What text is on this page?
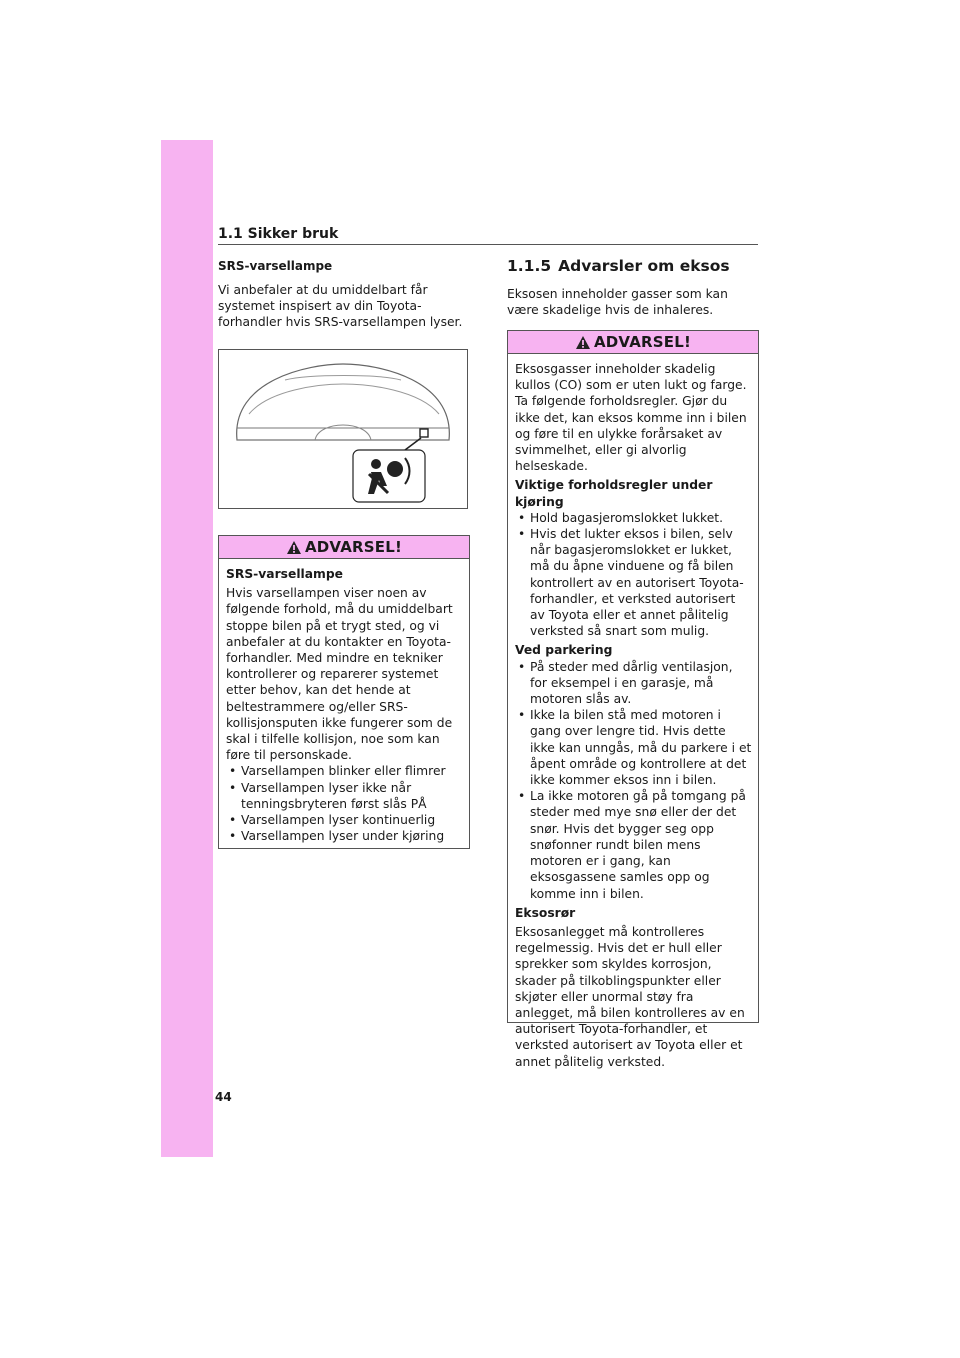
1.1 Sikker bruk

SRS-varsellampe

Vi anbefaler at du umiddelbart får systemet inspisert av din Toyota-forhandler hvis SRS-varsellampen lyser.

ADVARSEL!

SRS-varsellampe

Hvis varsellampen viser noen av følgende forhold, må du umiddelbart stoppe bilen på et trygt sted, og vi anbefaler at du kontakter en Toyota-forhandler. Med mindre en tekniker kontrollerer og reparerer systemet etter behov, kan det hende at beltestrammere og/eller SRS-kollisjonsputen ikke fungerer som de skal i tilfelle kollisjon, noe som kan føre til personskade.

• Varsellampen blinker eller flimrer
• Varsellampen lyser ikke når tenningsbryteren først slås PÅ
• Varsellampen lyser kontinuerlig
• Varsellampen lyser under kjøring

1.1.5 Advarsler om eksos

Eksosen inneholder gasser som kan være skadelige hvis de inhaleres.

ADVARSEL!

Eksosgasser inneholder skadelig kullos (CO) som er uten lukt og farge. Ta følgende forholdsregler. Gjør du ikke det, kan eksos komme inn i bilen og føre til en ulykke forårsaket av svimmelhet, eller gi alvorlig helseskade.

Viktige forholdsregler under kjøring

• Hold bagasjeromslokket lukket.
• Hvis det lukter eksos i bilen, selv når bagasjeromslokket er lukket, må du åpne vinduene og få bilen kontrollert av en autorisert Toyota-forhandler, et verksted autorisert av Toyota eller et annet pålitelig verksted så snart som mulig.

Ved parkering

• På steder med dårlig ventilasjon, for eksempel i en garasje, må motoren slås av.
• Ikke la bilen stå med motoren i gang over lengre tid. Hvis dette ikke kan unngås, må du parkere i et åpent område og kontrollere at det ikke kommer eksos inn i bilen.
• La ikke motoren gå på tomgang på steder med mye snø eller der det snør. Hvis det bygger seg opp snøfonner rundt bilen mens motoren er i gang, kan eksosgassene samles opp og komme inn i bilen.

Eksosrør

Eksosanlegget må kontrolleres regelmessig. Hvis det er hull eller sprekker som skyldes korrosjon, skader på tilkoblingspunkter eller skjøter eller unormal støy fra anlegget, må bilen kontrolleres av en autorisert Toyota-forhandler, et verksted autorisert av Toyota eller et annet pålitelig verksted.

44
